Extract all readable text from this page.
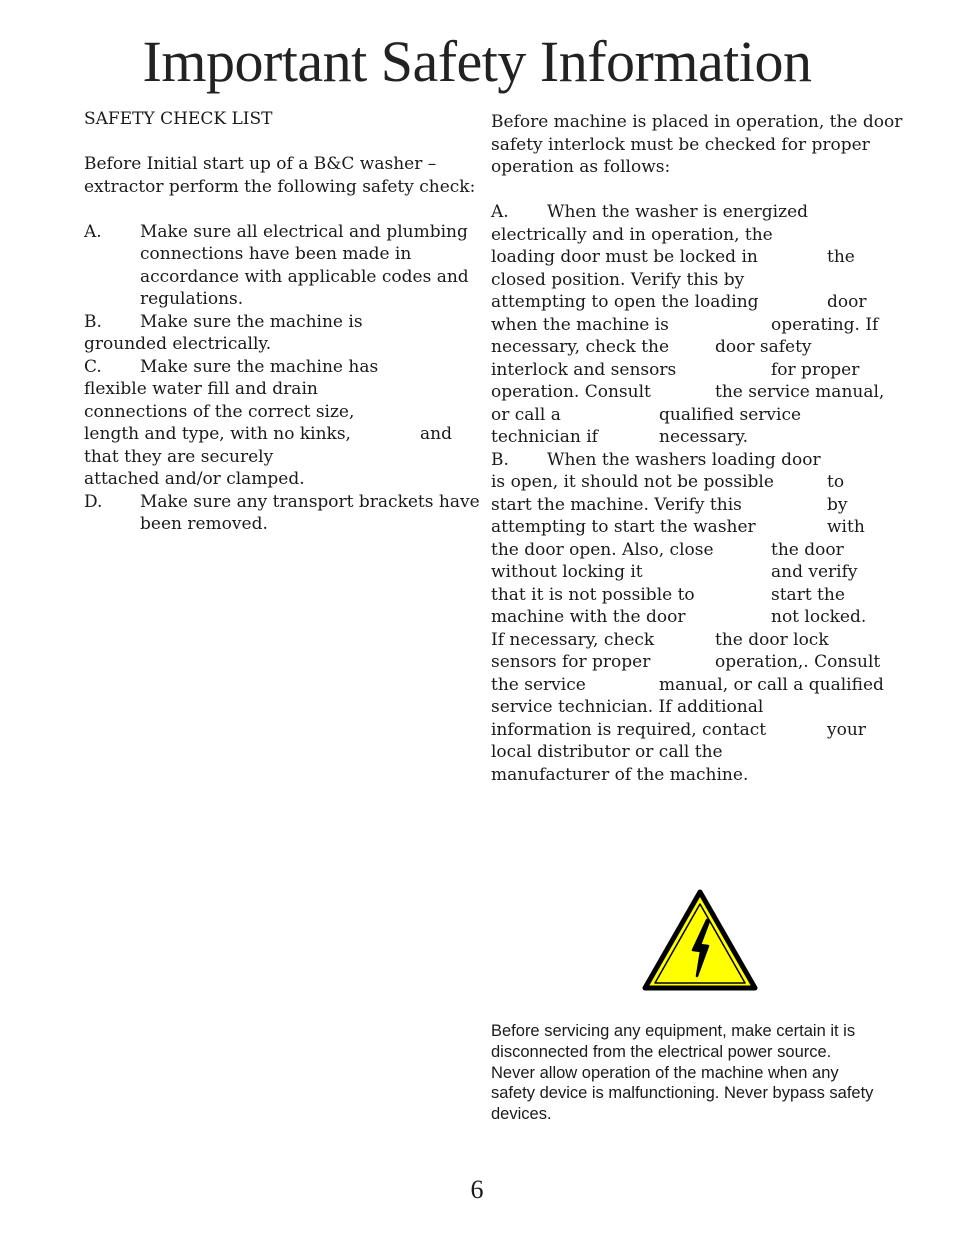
Important Safety Information
SAFETY CHECK LIST
Before Initial start up of a B&C washer –
extractor perform the following safety check:
A. Make sure all electrical and plumbing
connections have been made in
accordance with applicable codes and
regulations.
B. Make sure the machine is
grounded electrically.
C. Make sure the machine has
flexible water fill and drain
connections of the correct size,
length and type, with no kinks,	and
that they are securely
attached and/or clamped.
D. Make sure any transport brackets have
been removed.
Before machine is placed in operation, the door
safety interlock must be checked for proper
operation as follows:
A. When the washer is energized
electrically and in operation, the
loading door must be locked in	the
closed position. Verify this by
attempting to open the loading	door
when the machine is	operating. If
necessary, check the	door safety
interlock and sensors	for proper
operation. Consult	the service manual,
or call a	qualified service
technician if	necessary.
B. When the washers loading door
is open, it should not be possible	to
start the machine. Verify this	by
attempting to start the washer	with
the door open. Also, close	the door
without locking it	and verify
that it is not possible to	start the
machine with the door	not locked.
If necessary, check	the door lock
sensors for proper	operation,. Consult
the service	manual, or call a qualified
service technician. If additional
information is required, contact	your
local distributor or call the
manufacturer of the machine.
Before servicing any equipment, make certain it is disconnected from the electrical power source. Never allow operation of the machine when any safety device is malfunctioning. Never bypass safety devices.
6
